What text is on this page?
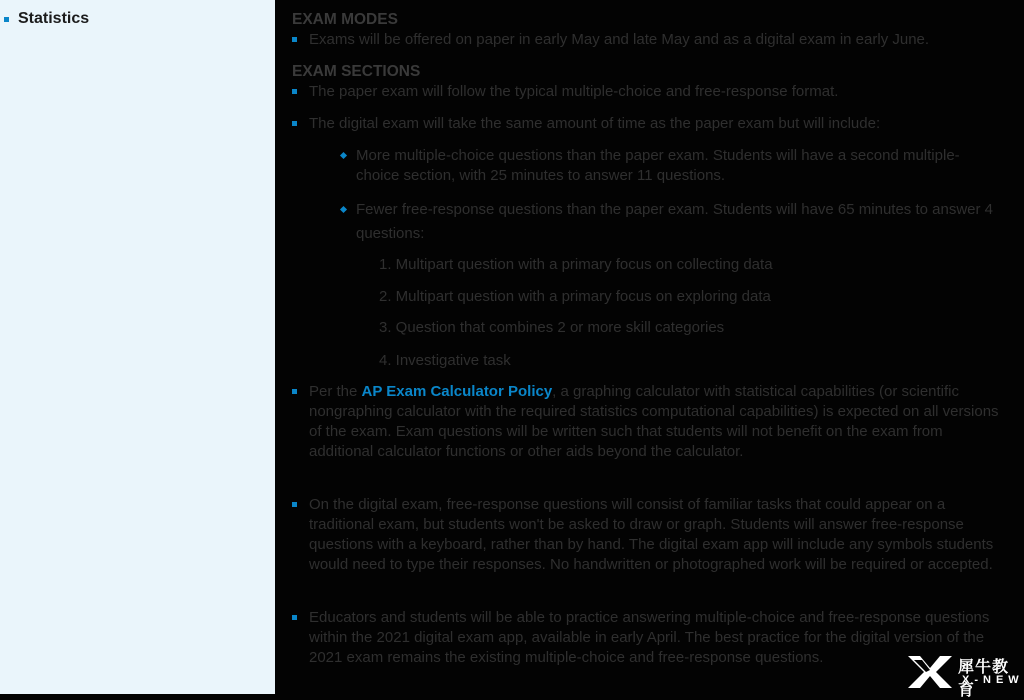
Statistics	EXAM MODES
Exams will be offered on paper in early May and late May and as a digital exam in early June.
EXAM SECTIONS
The paper exam will follow the typical multiple-choice and free-response format.
The digital exam will take the same amount of time as the paper exam but will include:
More multiple-choice questions than the paper exam. Students will have a second multiple-choice section, with 25 minutes to answer 11 questions.
Fewer free-response questions than the paper exam. Students will have 65 minutes to answer 4 questions:
1. Multipart question with a primary focus on collecting data
2. Multipart question with a primary focus on exploring data
3. Question that combines 2 or more skill categories
4. Investigative task
Per the AP Exam Calculator Policy, a graphing calculator with statistical capabilities (or scientific nongraphing calculator with the required statistics computational capabilities) is expected on all versions of the exam. Exam questions will be written such that students will not benefit on the exam from additional calculator functions or other aids beyond the calculator.
On the digital exam, free-response questions will consist of familiar tasks that could appear on a traditional exam, but students won't be asked to draw or graph. Students will answer free-response questions with a keyboard, rather than by hand. The digital exam app will include any symbols students would need to type their responses. No handwritten or photographed work will be required or accepted.
Educators and students will be able to practice answering multiple-choice and free-response questions within the 2021 digital exam app, available in early April. The best practice for the digital version of the 2021 exam remains the existing multiple-choice and free-response questions.
犀牛教育
X-NEW
